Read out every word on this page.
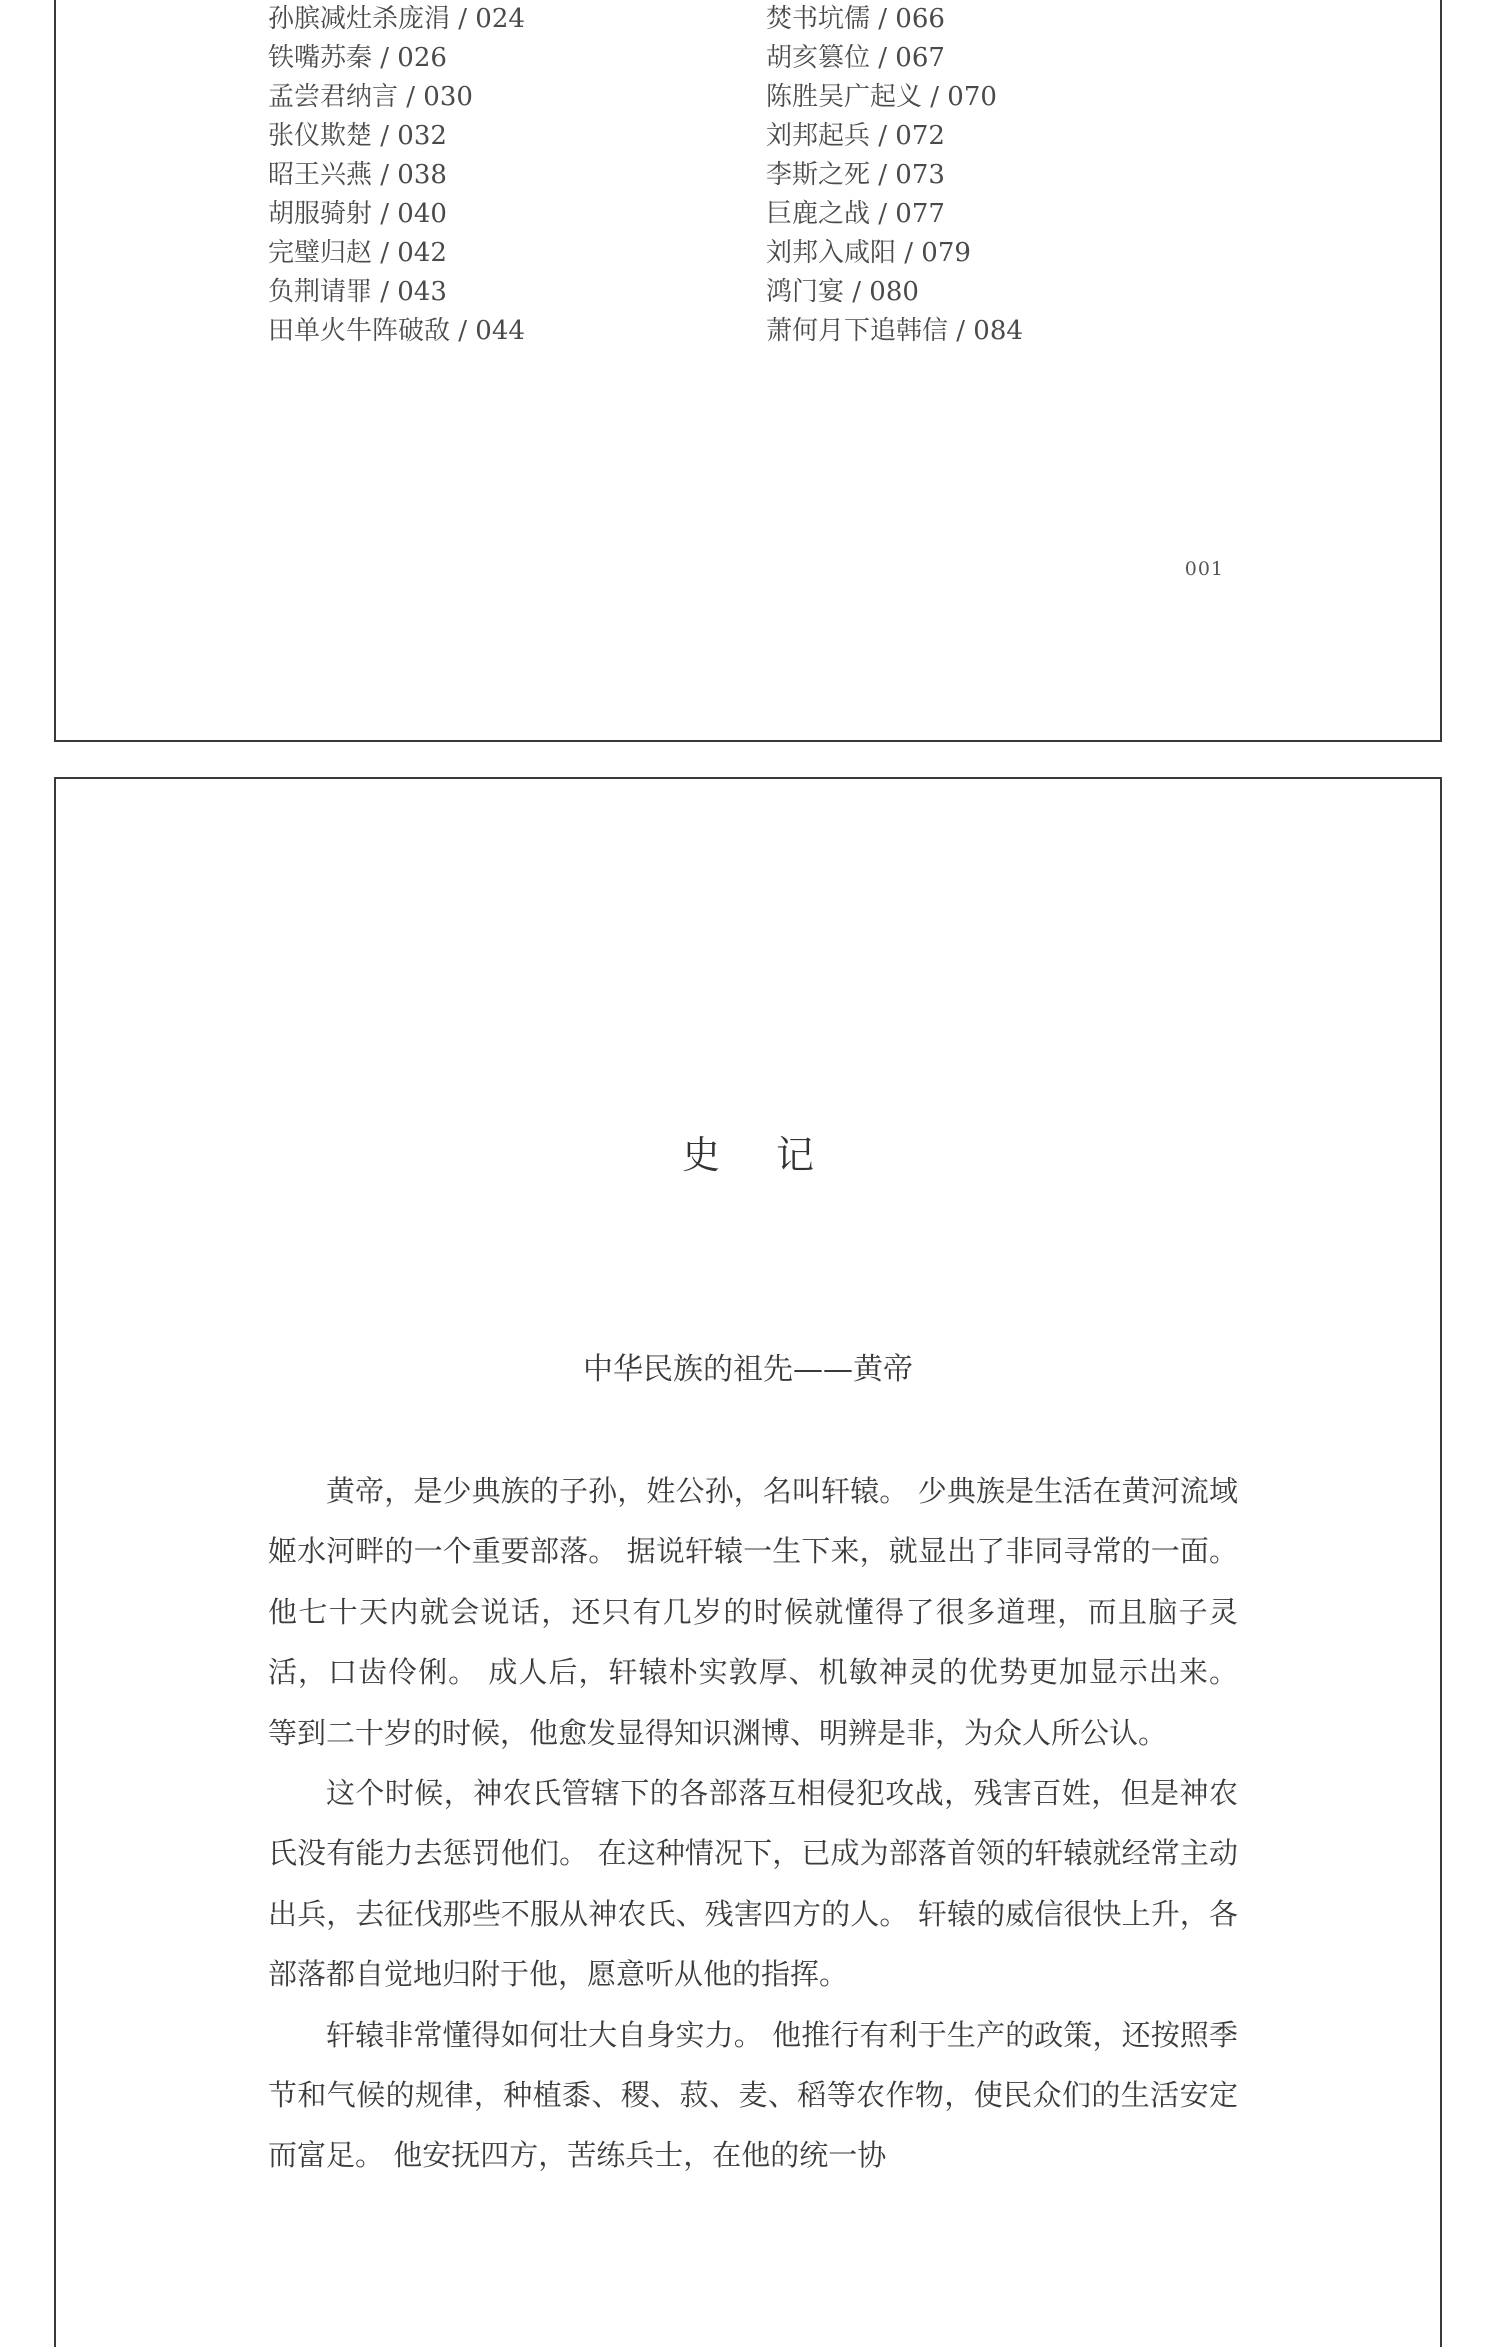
孙膑减灶杀庞涓 / 024
铁嘴苏秦 / 026
孟尝君纳言 / 030
张仪欺楚 / 032
昭王兴燕 / 038
胡服骑射 / 040
完璧归赵 / 042
负荆请罪 / 043
田单火牛阵破敌 / 044
焚书坑儒 / 066
胡亥篡位 / 067
陈胜吴广起义 / 070
刘邦起兵 / 072
李斯之死 / 073
巨鹿之战 / 077
刘邦入咸阳 / 079
鸿门宴 / 080
萧何月下追韩信 / 084
001
史 记
中华民族的祖先——黄帝

黄帝，是少典族的子孙，姓公孙，名叫轩辕。 少典族是生活在黄河流域姬水河畔的一个重要部落。 据说轩辕一生下来，就显出了非同寻常的一面。 他七十天内就会说话，还只有几岁的时候就懂得了很多道理，而且脑子灵活，口齿伶俐。 成人后，轩辕朴实敦厚、机敏神灵的优势更加显示出来。 等到二十岁的时候，他愈发显得知识渊博、明辨是非，为众人所公认。

这个时候，神农氏管辖下的各部落互相侵犯攻战，残害百姓，但是神农氏没有能力去惩罚他们。 在这种情况下，已成为部落首领的轩辕就经常主动出兵，去征伐那些不服从神农氏、残害四方的人。 轩辕的威信很快上升，各部落都自觉地归附于他，愿意听从他的指挥。

轩辕非常懂得如何壮大自身实力。 他推行有利于生产的政策，还按照季节和气候的规律，种植黍、稷、菽、麦、稻等农作物，使民众们的生活安定而富足。 他安抚四方，苦练兵士，在他的统一协
